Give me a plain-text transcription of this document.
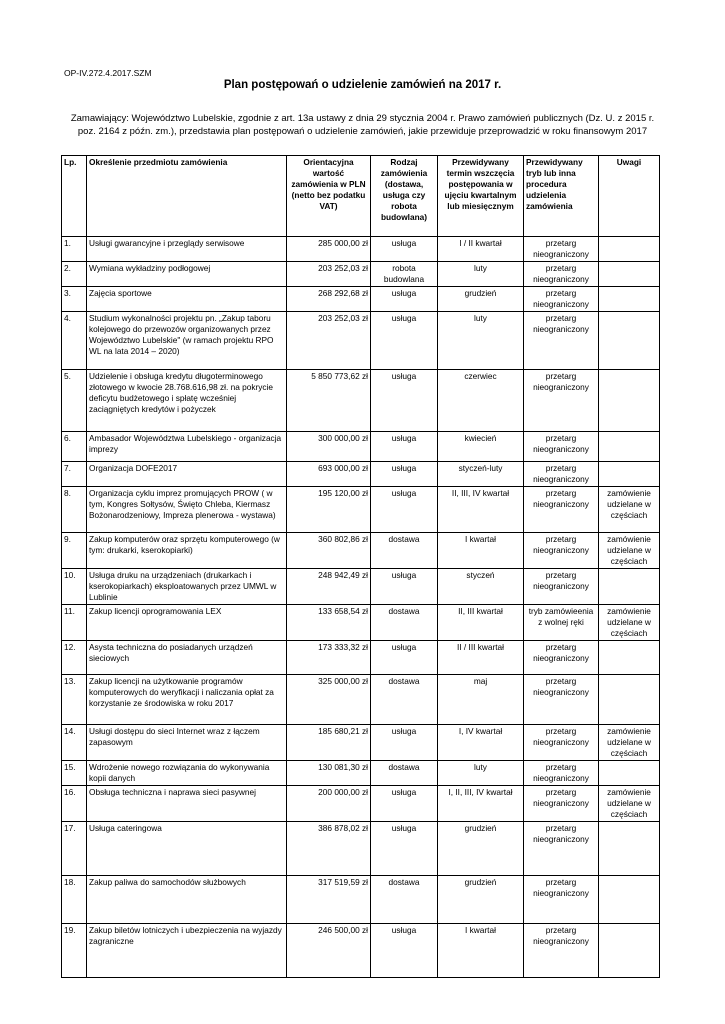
OP-IV.272.4.2017.SZM
Plan postępowań o udzielenie zamówień na 2017 r.
Zamawiający: Województwo Lubelskie, zgodnie z art. 13a ustawy z dnia 29 stycznia 2004 r. Prawo zamówień publicznych (Dz. U. z 2015 r. poz. 2164 z późn. zm.), przedstawia plan postępowań o udzielenie zamówień, jakie przewiduje przeprowadzić w roku finansowym 2017
Lp.	Określenie przedmiotu zamówienia	Orientacyjna wartość zamówienia w PLN (netto bez podatku VAT)	Rodzaj zamówienia (dostawa, usługa czy robota budowlana)	Przewidywany termin wszczęcia postępowania w ujęciu kwartalnym lub miesięcznym	Przewidywany tryb lub inna procedura udzielenia zamówienia	Uwagi
1.	Usługi gwarancyjne i przeglądy serwisowe	285 000,00 zł	usługa	I / II kwartał	przetarg nieograniczony	
2.	Wymiana wykładziny podłogowej	203 252,03 zł	robota budowlana	luty	przetarg nieograniczony	
3.	Zajęcia sportowe	268 292,68 zł	usługa	grudzień	przetarg nieograniczony	
4.	Studium wykonalności projektu pn. „Zakup taboru kolejowego do przewozów organizowanych przez Województwo Lubelskie" (w ramach projektu RPO WL na lata 2014 – 2020)	203 252,03 zł	usługa	luty	przetarg nieograniczony	
5.	Udzielenie i obsługa kredytu długoterminowego złotowego w kwocie 28.768.616,98 zł. na pokrycie deficytu budżetowego i spłatę wcześniej zaciągniętych kredytów i pożyczek	5 850 773,62 zł	usługa	czerwiec	przetarg nieograniczony	
6.	Ambasador Województwa Lubelskiego - organizacja imprezy	300 000,00 zł	usługa	kwiecień	przetarg nieograniczony	
7.	Organizacja DOFE2017	693 000,00 zł	usługa	styczeń-luty	przetarg nieograniczony	
8.	Organizacja cyklu imprez promujących PROW ( w tym, Kongres Sołtysów, Święto Chleba, Kiermasz Bożonarodzeniowy, Impreza plenerowa - wystawa)	195 120,00 zł	usługa	II, III, IV kwartał	przetarg nieograniczony	zamówienie udzielane w częściach
9.	Zakup komputerów oraz sprzętu komputerowego (w tym: drukarki, kserokopiarki)	360 802,86 zł	dostawa	I kwartał	przetarg nieograniczony	zamówienie udzielane w częściach
10.	Usługa druku na urządzeniach (drukarkach i kserokopiarkach) eksploatowanych przez UMWL w Lublinie	248 942,49 zł	usługa	styczeń	przetarg nieograniczony	
11.	Zakup licencji oprogramowania LEX	133 658,54 zł	dostawa	II, III kwartał	tryb zamówieenia z wolnej ręki	zamówienie udzielane w częściach
12.	Asysta techniczna do posiadanych urządzeń sieciowych	173 333,32 zł	usługa	II / III kwartał	przetarg nieograniczony	
13.	Zakup licencji na użytkowanie programów komputerowych do weryfikacji i naliczania opłat za korzystanie ze środowiska w roku 2017	325 000,00 zł	dostawa	maj	przetarg nieograniczony	
14.	Usługi dostępu do sieci Internet wraz z łączem zapasowym	185 680,21 zł	usługa	I, IV kwartał	przetarg nieograniczony	zamówienie udzielane w częściach
15.	Wdrożenie nowego rozwiązania do wykonywania kopii danych	130 081,30 zł	dostawa	luty	przetarg nieograniczony	
16.	Obsługa techniczna i naprawa sieci pasywnej	200 000,00 zł	usługa	I, II, III, IV kwartał	przetarg nieograniczony	zamówienie udzielane w częściach
17.	Usługa cateringowa	386 878,02 zł	usługa	grudzień	przetarg nieograniczony	
18.	Zakup paliwa do samochodów służbowych	317 519,59 zł	dostawa	grudzień	przetarg nieograniczony	
19.	Zakup biletów lotniczych i ubezpieczenia na wyjazdy zagraniczne	246 500,00 zł	usługa	I kwartał	przetarg nieograniczony	
